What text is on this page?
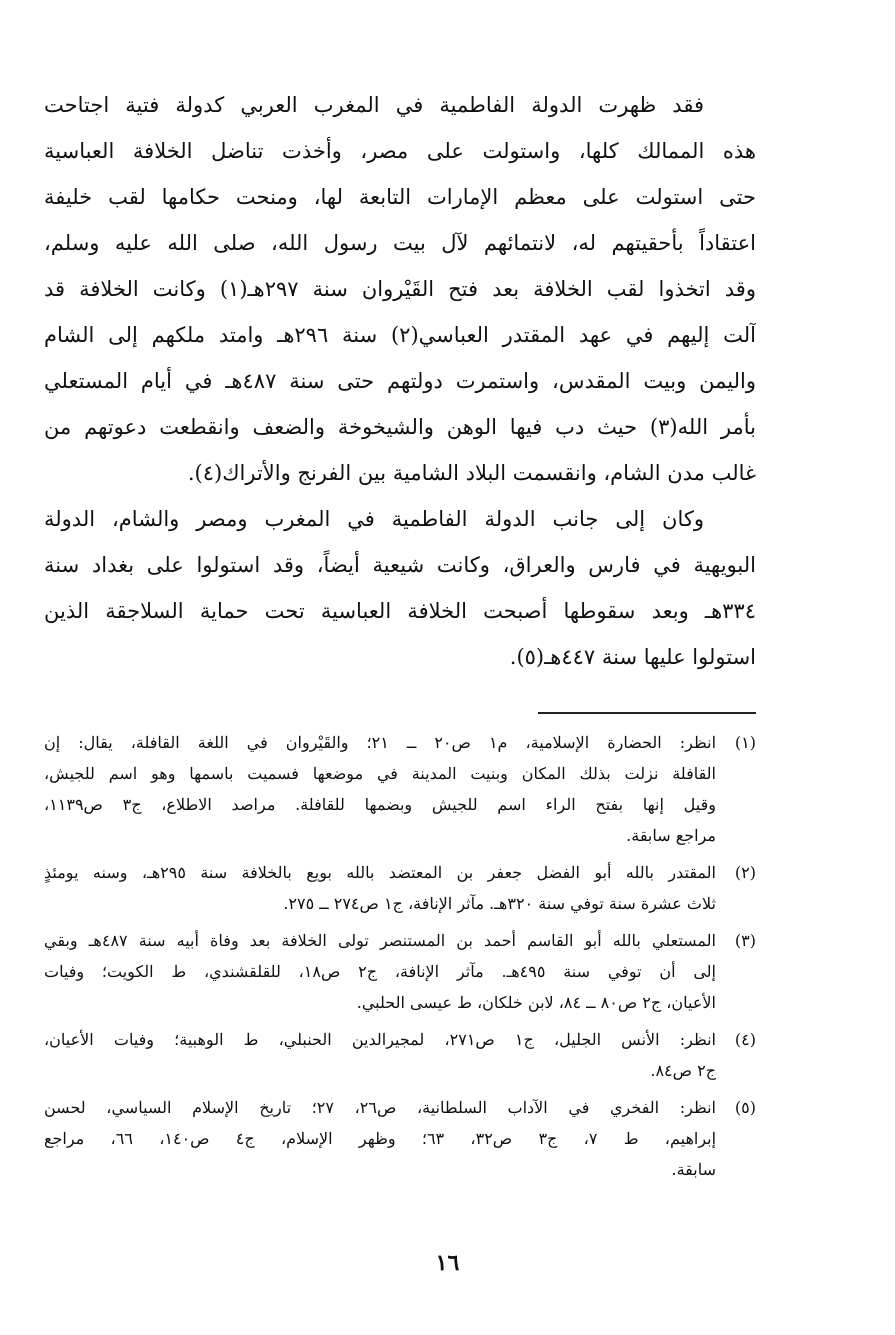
فقد ظهرت الدولة الفاطمية في المغرب العربي كدولة فتية اجتاحت
هذه الممالك كلها، واستولت على مصر، وأخذت تناضل الخلافة العباسية
حتى استولت على معظم الإمارات التابعة لها، ومنحت حكامها لقب خليفة
اعتقاداً بأحقيتهم له، لانتمائهم لآل بيت رسول الله، صلى الله عليه وسلم،
وقد اتخذوا لقب الخلافة بعد فتح القَيْروان سنة ٢٩٧هـ(١) وكانت الخلافة قد
آلت إليهم في عهد المقتدر العباسي(٢) سنة ٢٩٦هـ وامتد ملكهم إلى الشام
واليمن وبيت المقدس، واستمرت دولتهم حتى سنة ٤٨٧هـ في أيام المستعلي
بأمر الله(٣) حيث دب فيها الوهن والشيخوخة والضعف وانقطعت دعوتهم من
غالب مدن الشام، وانقسمت البلاد الشامية بين الفرنج والأتراك(٤).
وكان إلى جانب الدولة الفاطمية في المغرب ومصر والشام، الدولة
البويهية في فارس والعراق، وكانت شيعية أيضاً، وقد استولوا على بغداد سنة
٣٣٤هـ وبعد سقوطها أصبحت الخلافة العباسية تحت حماية السلاجقة الذين
استولوا عليها سنة ٤٤٧هـ(٥).
(١)
انظر: الحضارة الإسلامية، م١ ص٢٠ ــ ٢١؛ والقَيْروان في اللغة القافلة، يقال: إن
القافلة نزلت بذلك المكان وبنيت المدينة في موضعها فسميت باسمها وهو اسم للجيش،
وقيل إنها بفتح الراء اسم للجيش وبضمها للقافلة. مراصد الاطلاع، ج٣ ص١١٣٩،
مراجع سابقة.
(٢)
المقتدر بالله أبو الفضل جعفر بن المعتضد بالله بويع بالخلافة سنة ٢٩٥هـ، وسنه يومئذٍ
ثلاث عشرة سنة توفي سنة ٣٢٠هـ. مآثر الإنافة، ج١ ص٢٧٤ ــ ٢٧٥.
(٣)
المستعلي بالله أبو القاسم أحمد بن المستنصر تولى الخلافة بعد وفاة أبيه سنة ٤٨٧هـ وبقي
إلى أن توفي سنة ٤٩٥هـ. مآثر الإنافة، ج٢ ص١٨، للقلقشندي، ط الكويت؛ وفيات
الأعيان، ج٢ ص٨٠ ــ ٨٤، لابن خلكان، ط عيسى الحلبي.
(٤)
انظر: الأنس الجليل، ج١ ص٢٧١، لمجيرالدين الحنبلي، ط الوهبية؛ وفيات الأعيان،
ج٢ ص٨٤.
(٥)
انظر: الفخري في الآداب السلطانية، ص٢٦، ٢٧؛ تاريخ الإسلام السياسي، لحسن
إبراهيم، ط ٧، ج٣ ص٣٢، ٦٣؛ وظهر الإسلام، ج٤ ص١٤٠، ٦٦، مراجع
سابقة.
١٦
